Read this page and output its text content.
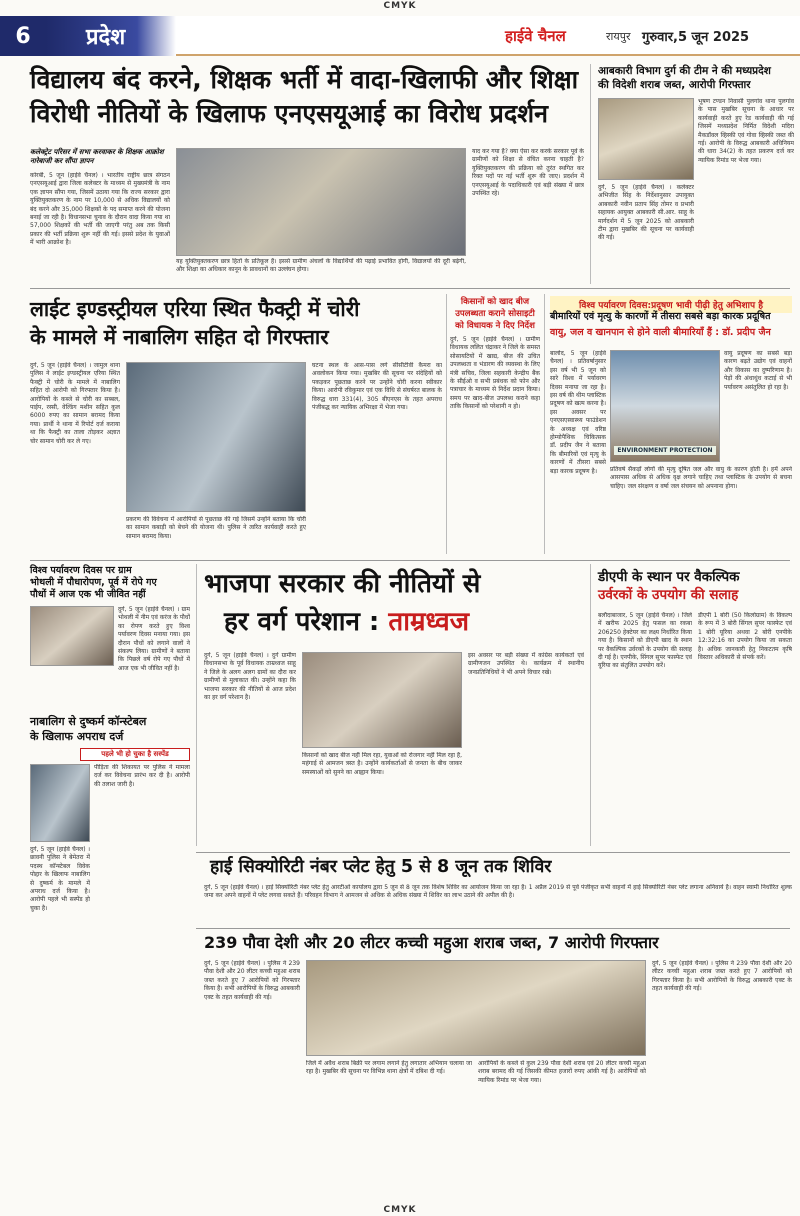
CMYK
6	प्रदेश	हाईवे चैनल	रायपुर गुरुवार,5 जून 2025
विद्यालय बंद करने, शिक्षक भर्ती में वादा-खिलाफी और शिक्षा
विरोधी नीतियों के खिलाफ एनएसयूआई का विरोध प्रदर्शन
कलेक्ट्रेट परिसर में सभा करवाकर के शिक्षक आक्रोश नारेबाजी कर सौंपा ज्ञापन
कोरबी, 5 जून (हाईवे चैनल) । भारतीय राष्ट्रीय छात्र संगठन एनएसयूआई द्वारा जिला कलेक्टर के माध्यम से मुख्यमंत्री के नाम एक ज्ञापन सौंपा गया, जिसमें उठाया गया कि राज्य सरकार द्वारा युक्तियुक्तकरण के नाम पर 10,000 से अधिक विद्यालयों को बंद करने और 35,000 शिक्षकों के पद समाप्त करने की योजना बनाई जा रही है। विधानसभा चुनाव के दौरान वादा किया गया था 57,000 शिक्षकों की भर्ती की जाएगी परंतु अब तक किसी प्रकार की भर्ती प्रक्रिया शुरू नहीं की गई। इससे प्रदेश के युवाओं में भारी आक्रोश है।
यह युक्तियुक्तकरण छात्र हितों के प्रतिकूल है। इससे ग्रामीण अंचलों के विद्यार्थियों की पढ़ाई प्रभावित होगी, विद्यालयों की दूरी बढ़ेगी, और शिक्षा का अधिकार कानून के प्रावधानों का उल्लंघन होगा।
याद कर गया है? क्या ऐसा कर करके सरकार पूर्व के ग्रामीणों को शिक्षा से वंचित करना चाहती है? युक्तियुक्तकरण की प्रक्रिया को तुरंत स्थगित कर रिक्त पदों पर नई भर्ती शुरू की जाए। प्रदर्शन में एनएसयूआई के पदाधिकारी एवं बड़ी संख्या में छात्र उपस्थित रहे।
आबकारी विभाग दुर्ग की टीम ने की मध्यप्रदेश
की विदेशी शराब जब्त, आरोपी गिरफ्तार
भूषण टण्डन निवासी पुलगांव थाना पुलगांव के पास मुखबिर सूचना के आधार पर कार्यवाही करते हुए रेड कार्यवाही की गई जिसमें मध्यप्रदेश निर्मित विदेशी मदिरा मैकडॉवल व्हिस्की एवं गोवा व्हिस्की जब्त की गई। आरोपी के विरुद्ध आबकारी अधिनियम की धारा 34(2) के तहत प्रकरण दर्ज कर न्यायिक रिमांड पर भेजा गया।
दुर्ग, 5 जून (हाईवे चैनल) । कलेक्टर अभिजीत सिंह के निर्देशानुसार उपायुक्त आबकारी नवीन प्रताप सिंह तोमर व प्रभारी सहायक आयुक्त आबकारी सी.आर. साहू के मार्गदर्शन में 5 जून 2025 को आबकारी टीम द्वारा मुखबिर की सूचना पर कार्यवाही की गई।
लाईट इण्डस्ट्रीयल एरिया स्थित फैक्ट्री में चोरी
के मामले में नाबालिग सहित दो गिरफ्तार
दुर्ग, 5 जून (हाईवे चैनल) । जामुल थाना पुलिस ने लाईट इण्डस्ट्रीयल एरिया स्थित फैक्ट्री में चोरी के मामले में नाबालिग सहित दो आरोपी को गिरफ्तार किया है। आरोपियों के कब्जे से चोरी का सब्बल, पाईप, रस्सी, वेल्डिंग मशीन सहित कुल 6000 रुपए का सामान बरामद किया गया। प्रार्थी ने थाना में रिपोर्ट दर्ज कराया था कि फैक्ट्री का ताला तोड़कर अज्ञात चोर सामान चोरी कर ले गए।
घटना स्थल के आस-पास लगे सीसीटीवी कैमरा का अवलोकन किया गया। मुखबिर की सूचना पर संदेहियों को पकड़कर पूछताछ करने पर उन्होंने चोरी करना स्वीकार किया। आरोपी रविकुमार एवं एक विधि से संघर्षरत बालक के विरुद्ध धारा 331(4), 305 बीएनएस के तहत अपराध पंजीबद्ध कर न्यायिक अभिरक्षा में भेजा गया।
प्रकरण की विवेचना में आरोपियों से पूछताछ की गई जिसमें उन्होंने बताया कि चोरी का सामान कबाड़ी को बेचने की योजना थी। पुलिस ने त्वरित कार्यवाही करते हुए सामान बरामद किया।
किसानों को खाद बीज
उपलब्धता कराने सोसाइटी
को विधायक ने दिए निर्देश
दुर्ग, 5 जून (हाईवे चैनल) । ग्रामीण विधायक ललित चंद्राकर ने जिले के समस्त सोसायटियों में खाद्य, बीज की उचित उपलब्धता व भंडारण की व्यवस्था के लिए मंत्री सचिव, जिला सहकारी केन्द्रीय बैंक के सीईओ व सभी प्रबंधक को फोन और पत्राचार के माध्यम से निर्देश प्रदान किया। समय पर खाद-बीज उपलब्ध कराने कहा ताकि किसानों को परेशानी न हो।
विश्व पर्यावरण दिवस:प्रदूषण भावी पीढ़ी हेतु अभिशाप है
बीमारियों एवं मृत्यु के कारणों में तीसरा सबसे बड़ा कारक प्रदूषित
वायु, जल व खानपान से होने वाली बीमारियाँ हैं : डॉ. प्रदीप जैन
बालोद, 5 जून (हाईवे चैनल) । प्रतिवर्षानुसार इस वर्ष भी 5 जून को सारे विश्व में पर्यावरण दिवस मनाया जा रहा है। इस वर्ष की थीम प्लास्टिक प्रदूषण को खत्म करना है। इस अवसर पर एनएसएस्वास्थ्य फाउंडेशन के अध्यक्ष एवं वरिष्ठ होम्योपैथिक चिकित्सक डॉ. प्रदीप जैन ने बताया कि बीमारियों एवं मृत्यु के कारणों में तीसरा सबसे बड़ा कारक प्रदूषण है।
ENVIRONMENT PROTECTION
वायु प्रदूषण का सबसे बड़ा कारण बढ़ते उद्योग एवं वाहनों और विकास का दुष्परिणाम है। पेड़ों की अंधाधुंध कटाई से भी पर्यावरण असंतुलित हो रहा है।
प्रतिवर्ष सैकड़ों लोगों की मृत्यु दूषित जल और वायु के कारण होती है। हमें अपने आसपास अधिक से अधिक वृक्ष लगाने चाहिए तथा प्लास्टिक के उपयोग से बचना चाहिए। जल संरक्षण व वर्षा जल संचयन को अपनाना होगा।
विश्व पर्यावरण दिवस पर ग्राम
भोथली में पौधारोपण, पूर्व में रोपे गए
पौधों में आज एक भी जीवित नहीं
दुर्ग, 5 जून (हाईवे चैनल) । ग्राम भोथली में नीम एवं करंज के पौधों का रोपण करते हुए विश्व पर्यावरण दिवस मनाया गया। इस दौरान पौधों को लगाने वालों ने संकल्प लिया। ग्रामीणों ने बताया कि पिछले वर्ष रोपे गए पौधों में आज एक भी जीवित नहीं है।
नाबालिग से दुष्कर्म कॉन्स्टेबल
के खिलाफ अपराध दर्ज
पहले भी हो चुका है सस्पेंड
पीड़िता की शिकायत पर पुलिस ने मामला दर्ज कर विवेचना प्रारंभ कर दी है। आरोपी की तलाश जारी है।
दुर्ग, 5 जून (हाईवे चैनल) । छावनी पुलिस ने बेमेतरा में पदस्थ कॉन्स्टेबल विवेक पोद्दार के खिलाफ नाबालिग से दुष्कर्म के मामले में अपराध दर्ज किया है। आरोपी पहले भी सस्पेंड हो चुका है।
भाजपा सरकार की नीतियों से
हर वर्ग परेशान : ताम्रध्वज
दुर्ग, 5 जून (हाईवे चैनल) । दुर्ग ग्रामीण विधानसभा के पूर्व विधायक ताम्रध्वज साहू ने जिले के अलग अलग ग्रामों का दौरा कर ग्रामीणों से मुलाकात की। उन्होंने कहा कि भाजपा सरकार की नीतियों से आज प्रदेश का हर वर्ग परेशान है।
किसानों को खाद बीज नहीं मिल रहा, युवाओं को रोजगार नहीं मिल रहा है, महंगाई से आमजन त्रस्त है। उन्होंने कार्यकर्ताओं से जनता के बीच जाकर समस्याओं को सुनने का आह्वान किया।
इस अवसर पर बड़ी संख्या में कांग्रेस कार्यकर्ता एवं ग्रामीणजन उपस्थित थे। कार्यक्रम में स्थानीय जनप्रतिनिधियों ने भी अपने विचार रखे।
डीएपी के स्थान पर वैकल्पिक
उर्वरकों के उपयोग की सलाह
बलौदाबाजार, 5 जून (हाईवे चैनल) । जिले में खरीफ 2025 हेतु फसल का रकबा 206250 हेक्टेयर का लक्ष्य निर्धारित किया गया है। किसानों को डीएपी खाद के स्थान पर वैकल्पिक उर्वरकों के उपयोग की सलाह दी गई है। एनपीके, सिंगल सुपर फास्फेट एवं यूरिया का संतुलित उपयोग करें।
डीएपी 1 बोरी (50 किलोग्राम) के विकल्प के रूप में 3 बोरी सिंगल सुपर फास्फेट एवं 1 बोरी यूरिया अथवा 2 बोरी एनपीके 12:32:16 का उपयोग किया जा सकता है। अधिक जानकारी हेतु निकटतम कृषि विस्तार अधिकारी से संपर्क करें।
हाई सिक्योरिटी नंबर प्लेट हेतु 5 से 8 जून तक शिविर
दुर्ग, 5 जून (हाईवे चैनल) । हाई सिक्योरिटी नंबर प्लेट हेतु आरटीओ कार्यालय द्वारा 5 जून से 8 जून तक विशेष शिविर का आयोजन किया जा रहा है। 1 अप्रैल 2019 से पूर्व पंजीकृत सभी वाहनों में हाई सिक्योरिटी नंबर प्लेट लगाना अनिवार्य है। वाहन स्वामी निर्धारित शुल्क जमा कर अपने वाहनों में प्लेट लगवा सकते हैं। परिवहन विभाग ने आमजन से अधिक से अधिक संख्या में शिविर का लाभ उठाने की अपील की है।
239 पौवा देशी और 20 लीटर कच्ची महुआ शराब जब्त, 7 आरोपी गिरफ्तार
दुर्ग, 5 जून (हाईवे चैनल) । पुलिस ने 239 पौवा देशी और 20 लीटर कच्ची महुआ शराब जब्त करते हुए 7 आरोपियों को गिरफ्तार किया है। सभी आरोपियों के विरुद्ध आबकारी एक्ट के तहत कार्यवाही की गई।
जिले में अवैध शराब बिक्री पर लगाम लगाने हेतु लगातार अभियान चलाया जा रहा है। मुखबिर की सूचना पर विभिन्न थाना क्षेत्रों में दबिश दी गई।
आरोपियों के कब्जे से कुल 239 पौवा देशी शराब एवं 20 लीटर कच्ची महुआ शराब बरामद की गई जिसकी कीमत हजारों रुपए आंकी गई है। आरोपियों को न्यायिक रिमांड पर भेजा गया।
दुर्ग, 5 जून (हाईवे चैनल) । पुलिस ने 239 पौवा देशी और 20 लीटर कच्ची महुआ शराब जब्त करते हुए 7 आरोपियों को गिरफ्तार किया है। सभी आरोपियों के विरुद्ध आबकारी एक्ट के तहत कार्यवाही की गई।
CMYK
